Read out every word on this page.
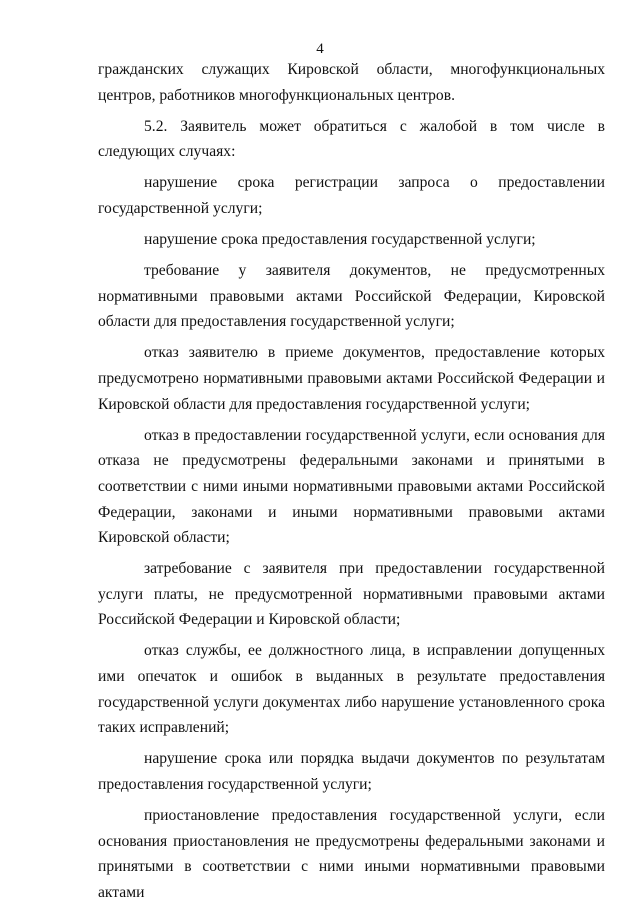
4

гражданских служащих Кировской области, многофункциональных центров, работников многофункциональных центров.

5.2. Заявитель может обратиться с жалобой в том числе в следующих случаях:

нарушение срока регистрации запроса о предоставлении государственной услуги;

нарушение срока предоставления государственной услуги;

требование у заявителя документов, не предусмотренных нормативными правовыми актами Российской Федерации, Кировской области для предоставления государственной услуги;

отказ заявителю в приеме документов, предоставление которых предусмотрено нормативными правовыми актами Российской Федерации и Кировской области для предоставления государственной услуги;

отказ в предоставлении государственной услуги, если основания для отказа не предусмотрены федеральными законами и принятыми в соответствии с ними иными нормативными правовыми актами Российской Федерации, законами и иными нормативными правовыми актами Кировской области;

затребование с заявителя при предоставлении государственной услуги платы, не предусмотренной нормативными правовыми актами Российской Федерации и Кировской области;

отказ службы, ее должностного лица, в исправлении допущенных ими опечаток и ошибок в выданных в результате предоставления государственной услуги документах либо нарушение установленного срока таких исправлений;

нарушение срока или порядка выдачи документов по результатам предоставления государственной услуги;

приостановление предоставления государственной услуги, если основания приостановления не предусмотрены федеральными законами и принятыми в соответствии с ними иными нормативными правовыми актами
